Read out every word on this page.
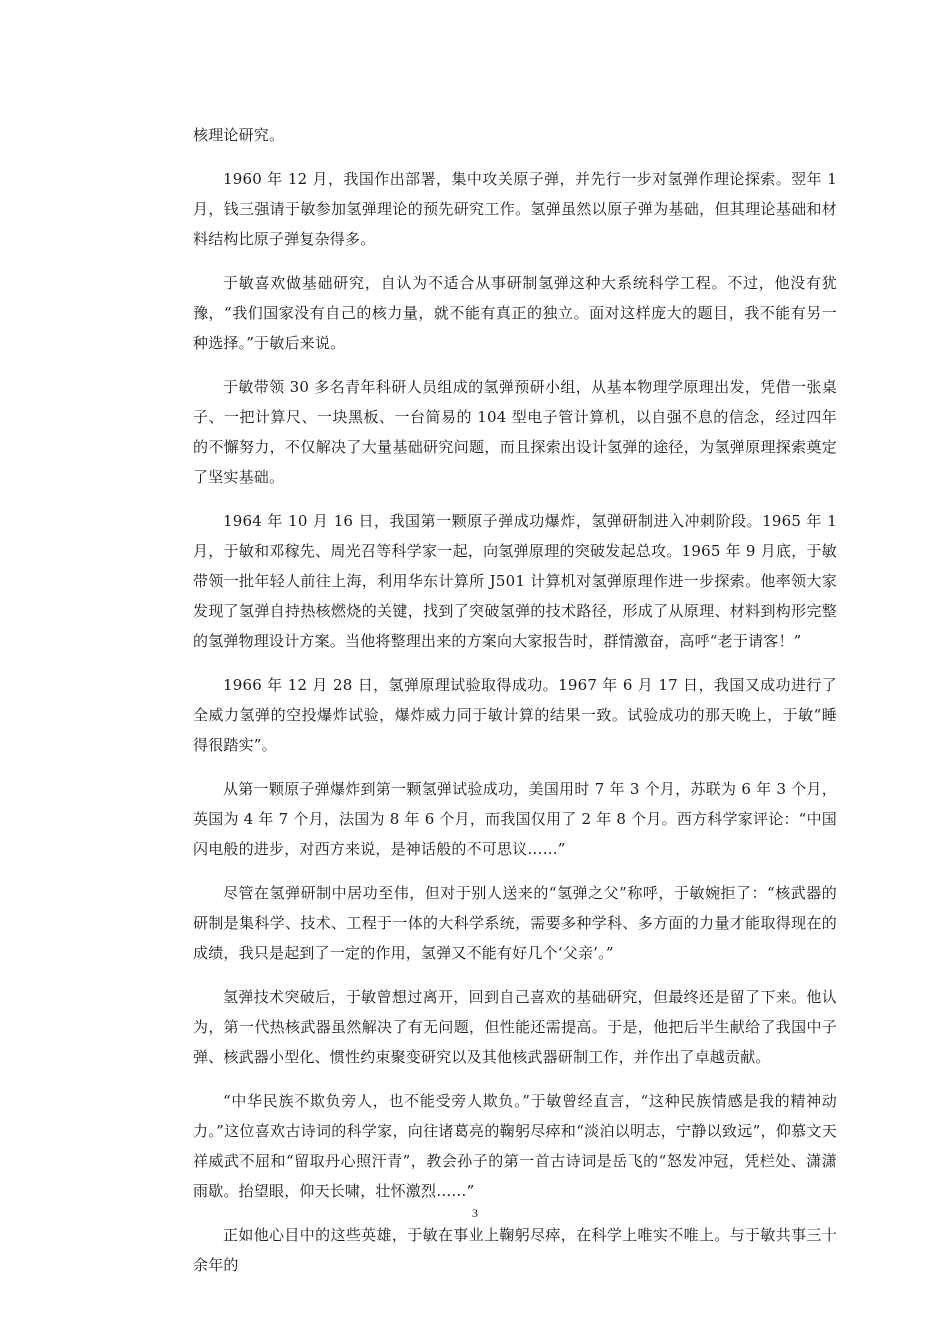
核理论研究。

1960 年 12 月，我国作出部署，集中攻关原子弹，并先行一步对氢弹作理论探索。翌年 1 月，钱三强请于敏参加氢弹理论的预先研究工作。氢弹虽然以原子弹为基础，但其理论基础和材料结构比原子弹复杂得多。

于敏喜欢做基础研究，自认为不适合从事研制氢弹这种大系统科学工程。不过，他没有犹豫，“我们国家没有自己的核力量，就不能有真正的独立。面对这样庞大的题目，我不能有另一种选择。”于敏后来说。

于敏带领 30 多名青年科研人员组成的氢弹预研小组，从基本物理学原理出发，凭借一张桌子、一把计算尺、一块黑板、一台简易的 104 型电子管计算机，以自强不息的信念，经过四年的不懈努力，不仅解决了大量基础研究问题，而且探索出设计氢弹的途径，为氢弹原理探索奠定了坚实基础。

1964 年 10 月 16 日，我国第一颗原子弹成功爆炸，氢弹研制进入冲刺阶段。1965 年 1 月，于敏和邓稼先、周光召等科学家一起，向氢弹原理的突破发起总攻。1965 年 9 月底，于敏带领一批年轻人前往上海，利用华东计算所 J501 计算机对氢弹原理作进一步探索。他率领大家发现了氢弹自持热核燃烧的关键，找到了突破氢弹的技术路径，形成了从原理、材料到构形完整的氢弹物理设计方案。当他将整理出来的方案向大家报告时，群情激奋，高呼“老于请客！”

1966 年 12 月 28 日，氢弹原理试验取得成功。1967 年 6 月 17 日，我国又成功进行了全威力氢弹的空投爆炸试验，爆炸威力同于敏计算的结果一致。试验成功的那天晚上，于敏“睡得很踏实”。

从第一颗原子弹爆炸到第一颗氢弹试验成功，美国用时 7 年 3 个月，苏联为 6 年 3 个月，英国为 4 年 7 个月，法国为 8 年 6 个月，而我国仅用了 2 年 8 个月。西方科学家评论：“中国闪电般的进步，对西方来说，是神话般的不可思议……”

尽管在氢弹研制中居功至伟，但对于别人送来的“氢弹之父”称呼，于敏婉拒了：“核武器的研制是集科学、技术、工程于一体的大科学系统，需要多种学科、多方面的力量才能取得现在的成绩，我只是起到了一定的作用，氢弹又不能有好几个‘父亲’。”

氢弹技术突破后，于敏曾想过离开，回到自己喜欢的基础研究，但最终还是留了下来。他认为，第一代热核武器虽然解决了有无问题，但性能还需提高。于是，他把后半生献给了我国中子弹、核武器小型化、惯性约束聚变研究以及其他核武器研制工作，并作出了卓越贡献。

“中华民族不欺负旁人，也不能受旁人欺负。”于敏曾经直言，“这种民族情感是我的精神动力。”这位喜欢古诗词的科学家，向往诸葛亮的鞠躬尽瘁和“淡泊以明志，宁静以致远”，仰慕文天祥威武不屈和“留取丹心照汗青”，教会孙子的第一首古诗词是岳飞的“怒发冲冠，凭栏处、潇潇雨歇。抬望眼，仰天长啸，壮怀激烈……”

正如他心目中的这些英雄，于敏在事业上鞠躬尽瘁，在科学上唯实不唯上。与于敏共事三十余年的

3
